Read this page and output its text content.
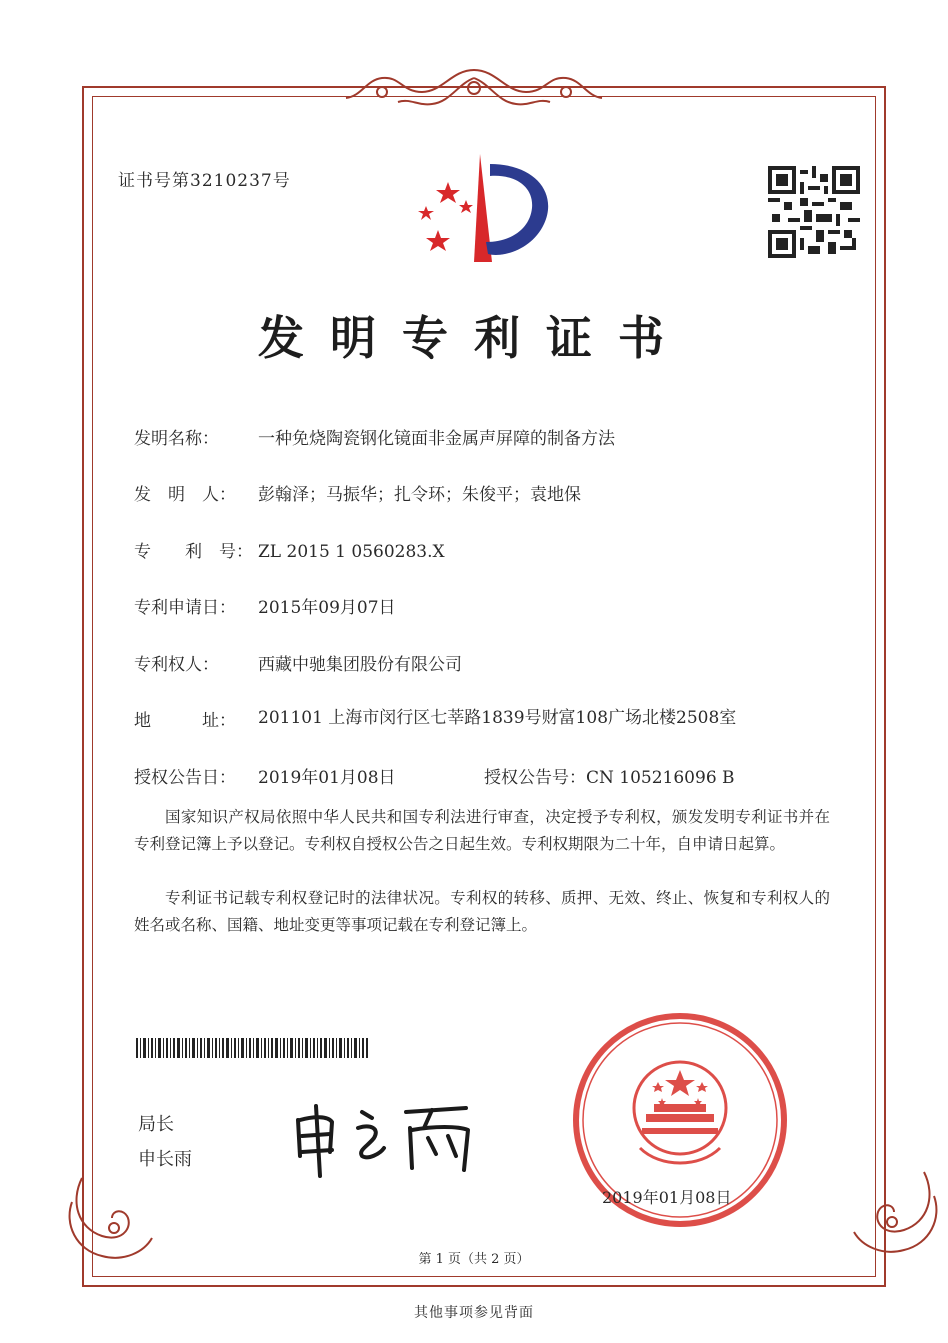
证书号第3210237号
发明专利证书
发明名称： 一种免烧陶瓷钢化镜面非金属声屏障的制备方法
发　明　人： 彭翰泽；马振华；扎令环；朱俊平；袁地保
专　　利　号： ZL 2015 1 0560283.X
专利申请日： 2015年09月07日
专利权人： 西藏中驰集团股份有限公司
地　　　址： 201101 上海市闵行区七莘路1839号财富108广场北楼2508室
授权公告日： 2019年01月08日	授权公告号：CN 105216096 B
国家知识产权局依照中华人民共和国专利法进行审查，决定授予专利权，颁发发明专利证书并在专利登记簿上予以登记。专利权自授权公告之日起生效。专利权期限为二十年，自申请日起算。
专利证书记载专利权登记时的法律状况。专利权的转移、质押、无效、终止、恢复和专利权人的姓名或名称、国籍、地址变更等事项记载在专利登记簿上。
局长
申长雨
2019年01月08日
第 1 页（共 2 页）
其他事项参见背面
